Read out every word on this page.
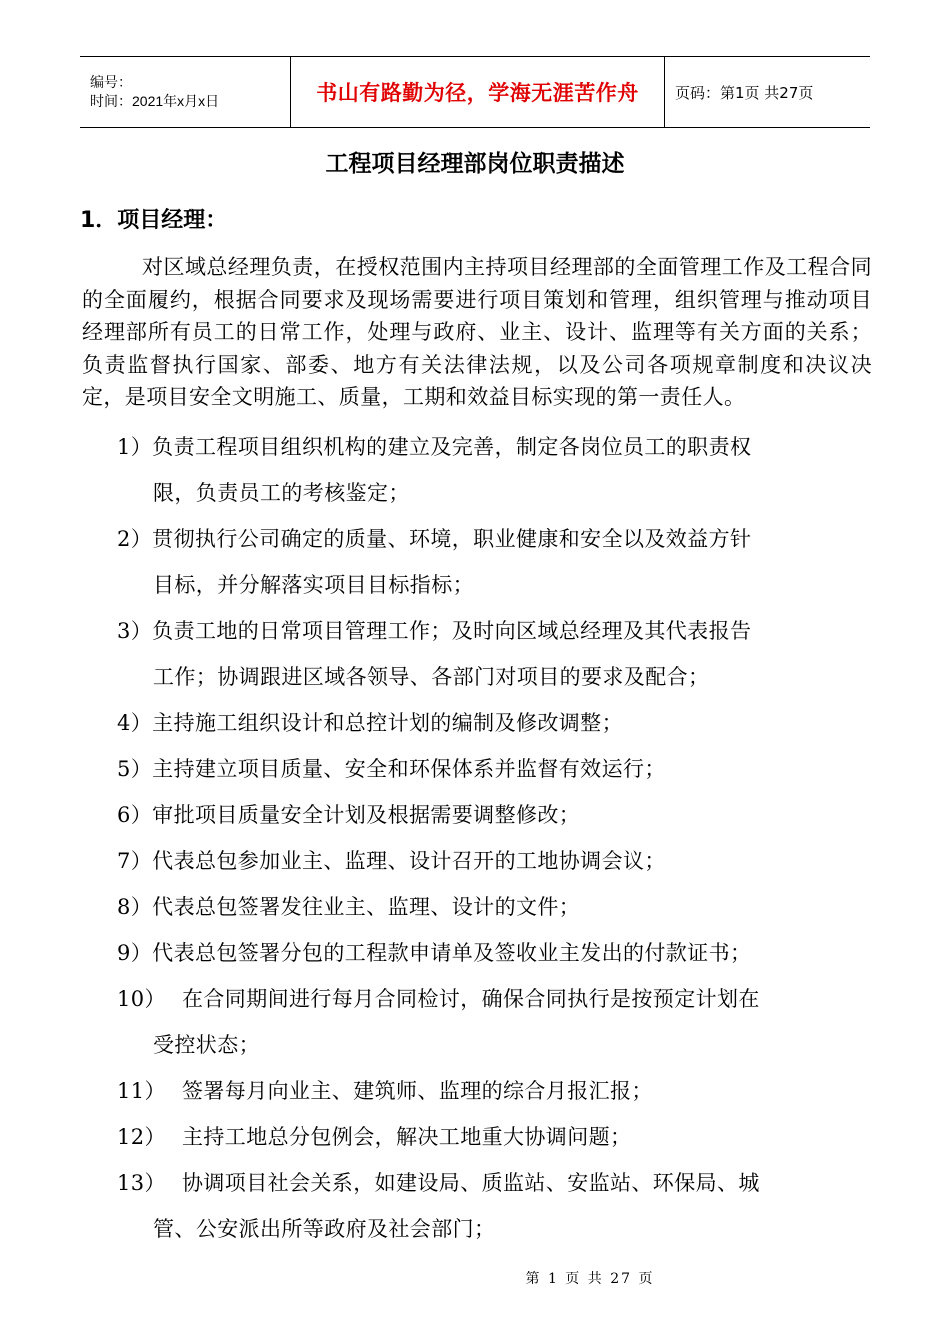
编号：
时间：2021年x月x日	书山有路勤为径，学海无涯苦作舟 页码：第1页 共27页
工程项目经理部岗位职责描述
1．项目经理：

对区域总经理负责，在授权范围内主持项目经理部的全面管理工作及工程合同的全面履约，根据合同要求及现场需要进行项目策划和管理，组织管理与推动项目经理部所有员工的日常工作，处理与政府、业主、设计、监理等有关方面的关系；负责监督执行国家、部委、地方有关法律法规，以及公司各项规章制度和决议决定，是项目安全文明施工、质量，工期和效益目标实现的第一责任人。

1）负责工程项目组织机构的建立及完善，制定各岗位员工的职责权
限，负责员工的考核鉴定；
2）贯彻执行公司确定的质量、环境，职业健康和安全以及效益方针
目标，并分解落实项目目标指标；
3）负责工地的日常项目管理工作；及时向区域总经理及其代表报告
工作；协调跟进区域各领导、各部门对项目的要求及配合；
4）主持施工组织设计和总控计划的编制及修改调整；
5）主持建立项目质量、安全和环保体系并监督有效运行；
6）审批项目质量安全计划及根据需要调整修改；
7）代表总包参加业主、监理、设计召开的工地协调会议；
8）代表总包签署发往业主、监理、设计的文件；
9）代表总包签署分包的工程款申请单及签收业主发出的付款证书；
10） 在合同期间进行每月合同检讨，确保合同执行是按预定计划在
受控状态；
11） 签署每月向业主、建筑师、监理的综合月报汇报；
12） 主持工地总分包例会，解决工地重大协调问题；
13） 协调项目社会关系，如建设局、质监站、安监站、环保局、城
管、公安派出所等政府及社会部门；
第 1 页 共 27 页
